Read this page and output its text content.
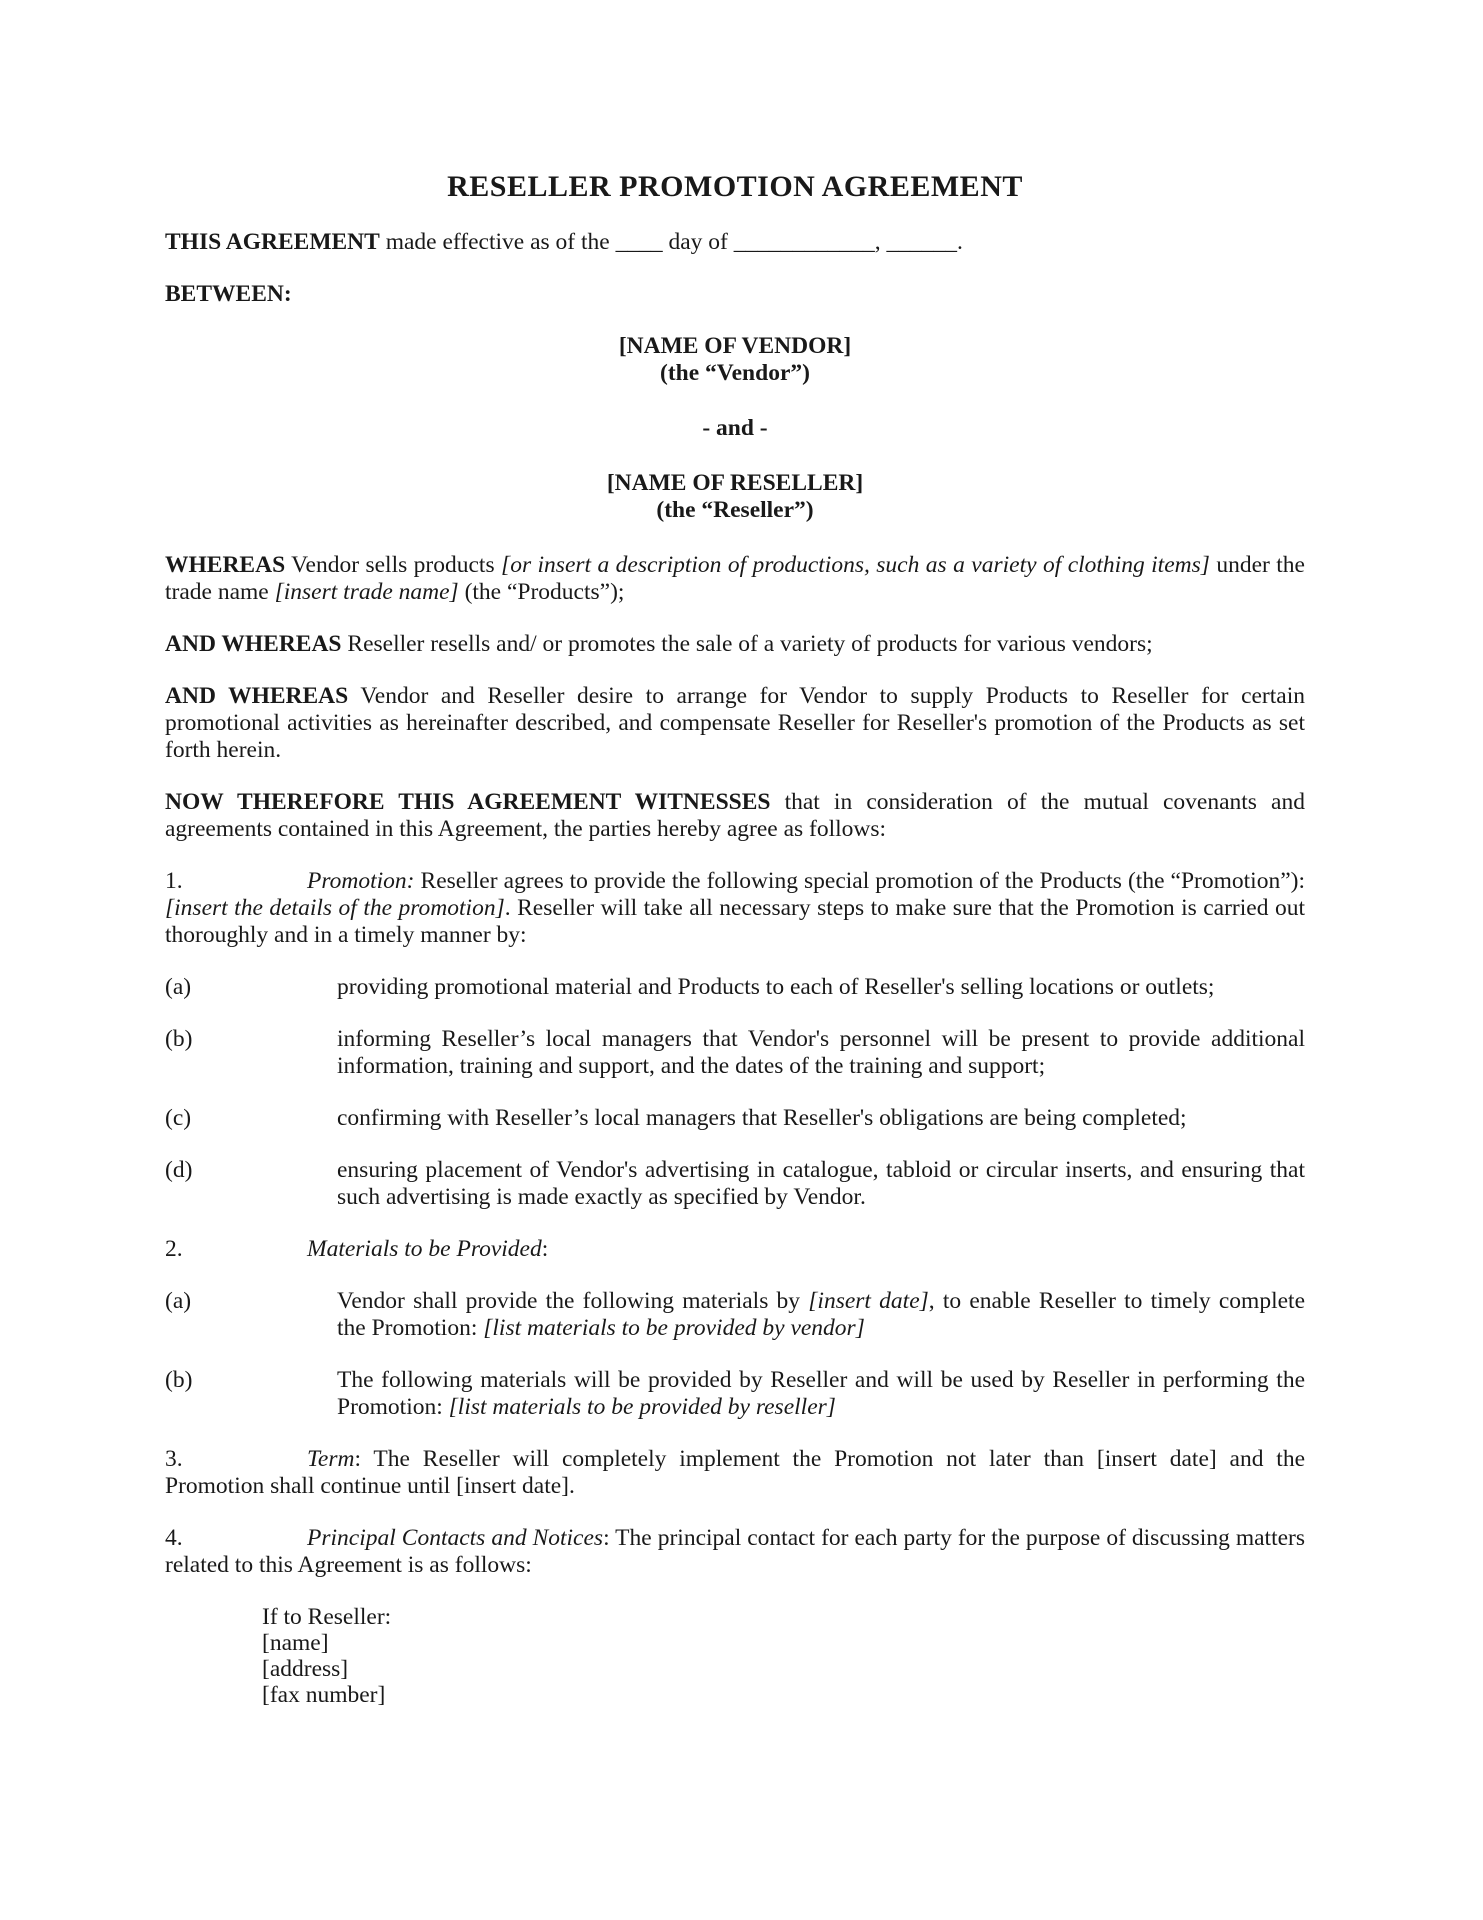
RESELLER PROMOTION AGREEMENT

THIS AGREEMENT made effective as of the ____ day of ____________, ______.

BETWEEN:

[NAME OF VENDOR]
(the “Vendor”)
- and -
[NAME OF RESELLER]
(the “Reseller”)

WHEREAS Vendor sells products [or insert a description of productions, such as a variety of clothing items] under the trade name [insert trade name] (the “Products”);

AND WHEREAS Reseller resells and/ or promotes the sale of a variety of products for various vendors;

AND WHEREAS Vendor and Reseller desire to arrange for Vendor to supply Products to Reseller for certain promotional activities as hereinafter described, and compensate Reseller for Reseller's promotion of the Products as set forth herein.

NOW THEREFORE THIS AGREEMENT WITNESSES that in consideration of the mutual covenants and agreements contained in this Agreement, the parties hereby agree as follows:

1.	Promotion: Reseller agrees to provide the following special promotion of the Products (the “Promotion”): [insert the details of the promotion]. Reseller will take all necessary steps to make sure that the Promotion is carried out thoroughly and in a timely manner by:

(a)	providing promotional material and Products to each of Reseller's selling locations or outlets;

(b)	informing Reseller’s local managers that Vendor's personnel will be present to provide additional information, training and support, and the dates of the training and support;

(c)	confirming with Reseller’s local managers that Reseller's obligations are being completed;

(d)	ensuring placement of Vendor's advertising in catalogue, tabloid or circular inserts, and ensuring that such advertising is made exactly as specified by Vendor.

2.	Materials to be Provided:

(a)	Vendor shall provide the following materials by [insert date], to enable Reseller to timely complete the Promotion: [list materials to be provided by vendor]

(b)	The following materials will be provided by Reseller and will be used by Reseller in performing the Promotion: [list materials to be provided by reseller]

3.	Term: The Reseller will completely implement the Promotion not later than [insert date] and the Promotion shall continue until [insert date].

4.	Principal Contacts and Notices: The principal contact for each party for the purpose of discussing matters related to this Agreement is as follows:

If to Reseller:
[name]
[address]
[fax number]
